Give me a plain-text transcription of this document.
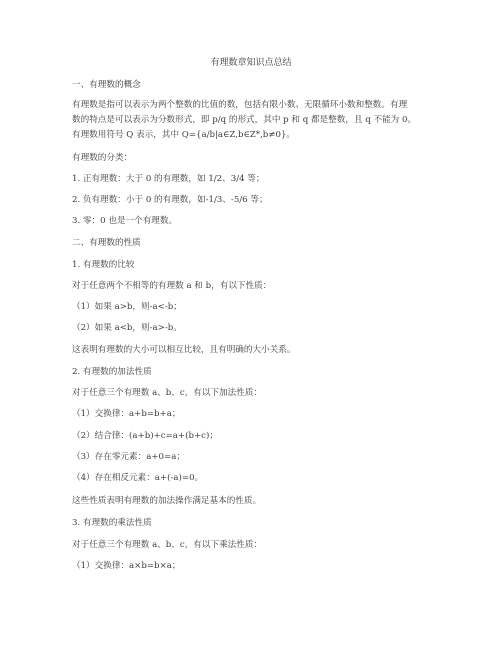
有理数章知识点总结
一、有理数的概念
有理数是指可以表示为两个整数的比值的数，包括有限小数、无限循环小数和整数。有理
数的特点是可以表示为分数形式，即 p/q 的形式，其中 p 和 q 都是整数，且 q 不能为 0。
有理数用符号 Q 表示，其中 Q={a/b|a∈Z,b∈Z*,b≠0}。
有理数的分类：
1. 正有理数：大于 0 的有理数，如 1/2、3/4 等；
2. 负有理数：小于 0 的有理数，如-1/3、-5/6 等；
3. 零：0 也是一个有理数。
二、有理数的性质
1. 有理数的比较
对于任意两个不相等的有理数 a 和 b，有以下性质：
（1）如果 a>b，则-a<-b；
（2）如果 a<b，则-a>-b。
这表明有理数的大小可以相互比较，且有明确的大小关系。
2. 有理数的加法性质
对于任意三个有理数 a、b、c，有以下加法性质：
（1）交换律：a+b=b+a；
（2）结合律：(a+b)+c=a+(b+c)；
（3）存在零元素：a+0=a；
（4）存在相反元素：a+(-a)=0。
这些性质表明有理数的加法操作满足基本的性质。
3. 有理数的乘法性质
对于任意三个有理数 a、b、c，有以下乘法性质：
（1）交换律：a×b=b×a；
